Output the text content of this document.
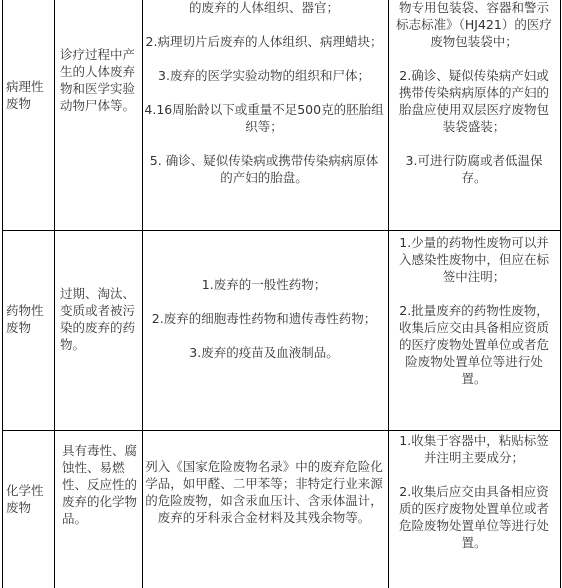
病理性废物
诊疗过程中产生的人体废弃物和医学实验动物尸体等。

的废弃的人体组织、器官；

2.病理切片后废弃的人体组织、病理蜡块；

3.废弃的医学实验动物的组织和尸体；

4.16周胎龄以下或重量不足500克的胚胎组织等；

5. 确诊、疑似传染病或携带传染病病原体的产妇的胎盘。

物专用包装袋、容器和警示标志标准》（HJ421）的医疗废物包装袋中；

2.确诊、疑似传染病产妇或携带传染病病原体的产妇的胎盘应使用双层医疗废物包装袋盛装；

3.可进行防腐或者低温保存。

药物性废物
过期、淘汰、变质或者被污染的废弃的药物。

1.废弃的一般性药物；

2.废弃的细胞毒性药物和遗传毒性药物；

3.废弃的疫苗及血液制品。

1.少量的药物性废物可以并入感染性废物中，但应在标签中注明；

2.批量废弃的药物性废物，收集后应交由具备相应资质的医疗废物处置单位或者危险废物处置单位等进行处置。

化学性废物
具有毒性、腐蚀性、易燃性、反应性的废弃的化学物品。

列入《国家危险废物名录》中的废弃危险化学品，如甲醛、二甲苯等；非特定行业来源的危险废物，如含汞血压计、含汞体温计，废弃的牙科汞合金材料及其残余物等。

1.收集于容器中，粘贴标签并注明主要成分；

2.收集后应交由具备相应资质的医疗废物处置单位或者危险废物处置单位等进行处置。
